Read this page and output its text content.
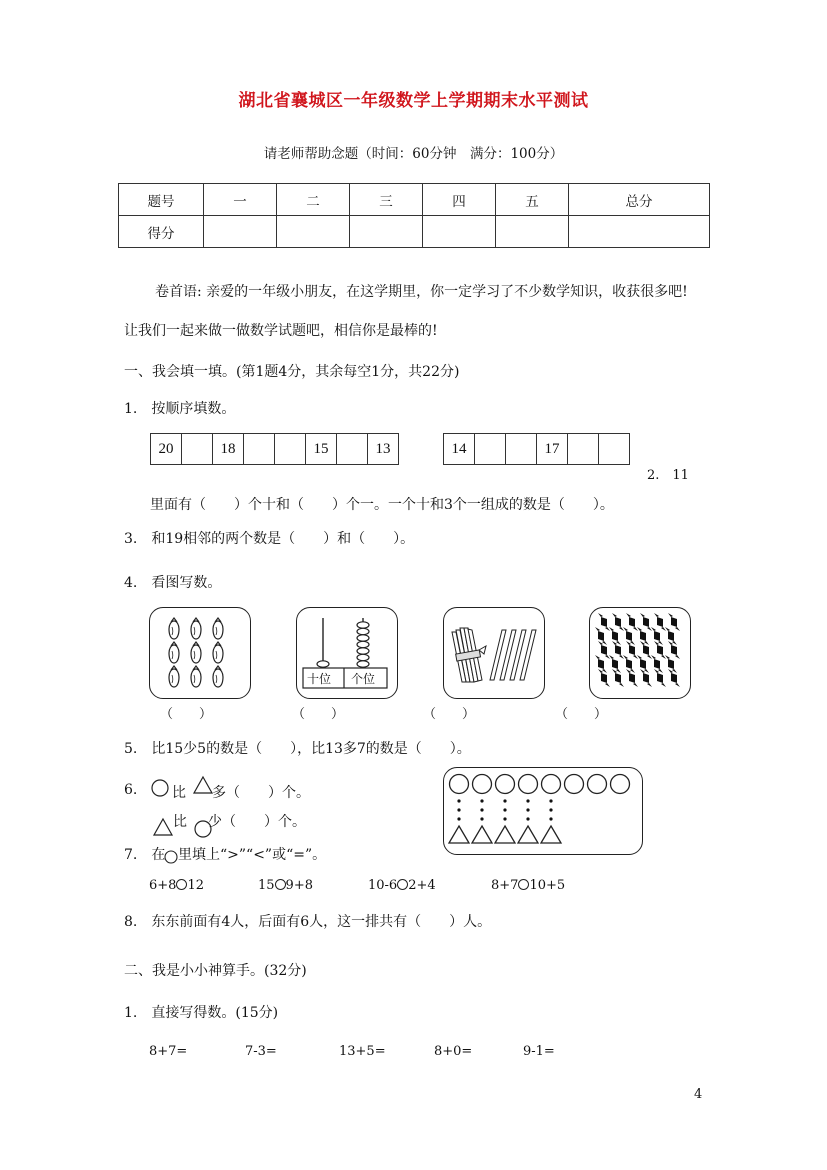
湖北省襄城区一年级数学上学期期末水平测试
请老师帮助念题（时间：60分钟　满分：100分）
题号	一	二	三	四	五	总分
得分						
卷首语: 亲爱的一年级小朋友，在这学期里，你一定学习了不少数学知识，收获很多吧!
让我们一起来做一做数学试题吧，相信你是最棒的!
一、我会填一填。(第1题4分，其余每空1分，共22分)
1.　按顺序填数。
20	18	15	13	14	17
2.　11
里面有（　　）个十和（　　）个一。一个十和3个一组成的数是（　　）。
3.　和19相邻的两个数是（　　）和（　　）。
4.　看图写数。
十位 个位
（　　）	（　　）	（　　）	（　　）
5.　比15少5的数是（　　），比13多7的数是（　　）。
6. 比 多（　　）个。
比 少（　　）个。
7.　在 里填上“>”“<”或“=”。
6+8 12	15 9+8	10-6 2+4	8+7 10+5
8.　东东前面有4人，后面有6人，这一排共有（　　）人。
二、我是小小神算手。(32分)
1.　直接写得数。(15分)
8+7=	7-3=	13+5=	8+0=	9-1=
4
